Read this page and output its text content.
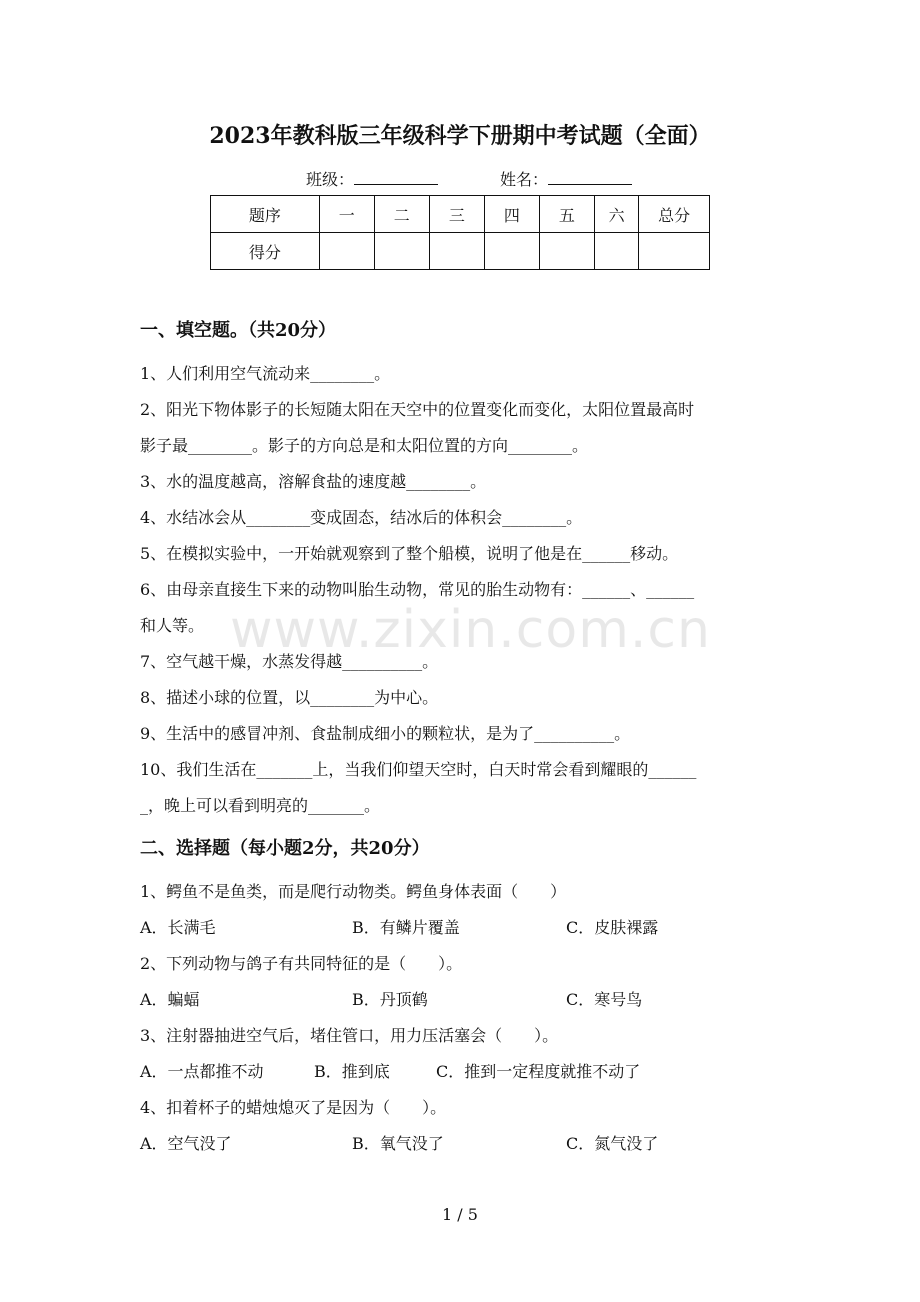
2023年教科版三年级科学下册期中考试题（全面）
班级：	姓名：
题序	一	二	三	四	五	六	总分
得分							
一、填空题。（共20分）
1、人们利用空气流动来________。
2、阳光下物体影子的长短随太阳在天空中的位置变化而变化，太阳位置最高时
影子最________。影子的方向总是和太阳位置的方向________。
3、水的温度越高，溶解食盐的速度越________。
4、水结冰会从________变成固态，结冰后的体积会________。
5、在模拟实验中，一开始就观察到了整个船模，说明了他是在______移动。
6、由母亲直接生下来的动物叫胎生动物，常见的胎生动物有：______、______
和人等。
7、空气越干燥，水蒸发得越__________。
8、描述小球的位置，以________为中心。
9、生活中的感冒冲剂、食盐制成细小的颗粒状，是为了__________。
10、我们生活在_______上，当我们仰望天空时，白天时常会看到耀眼的______
_，晚上可以看到明亮的_______。
二、选择题（每小题2分，共20分）
1、鳄鱼不是鱼类，而是爬行动物类。鳄鱼身体表面（　　）
A．长满毛	B．有鳞片覆盖	C．皮肤裸露
2、下列动物与鸽子有共同特征的是（　　）。
A．蝙蝠	B．丹顶鹤	C．寒号鸟
3、注射器抽进空气后，堵住管口，用力压活塞会（　　）。
A．一点都推不动	B．推到底	C．推到一定程度就推不动了
4、扣着杯子的蜡烛熄灭了是因为（　　）。
A．空气没了	B．氧气没了	C．氮气没了
www.zixin.com.cn
1 / 5
